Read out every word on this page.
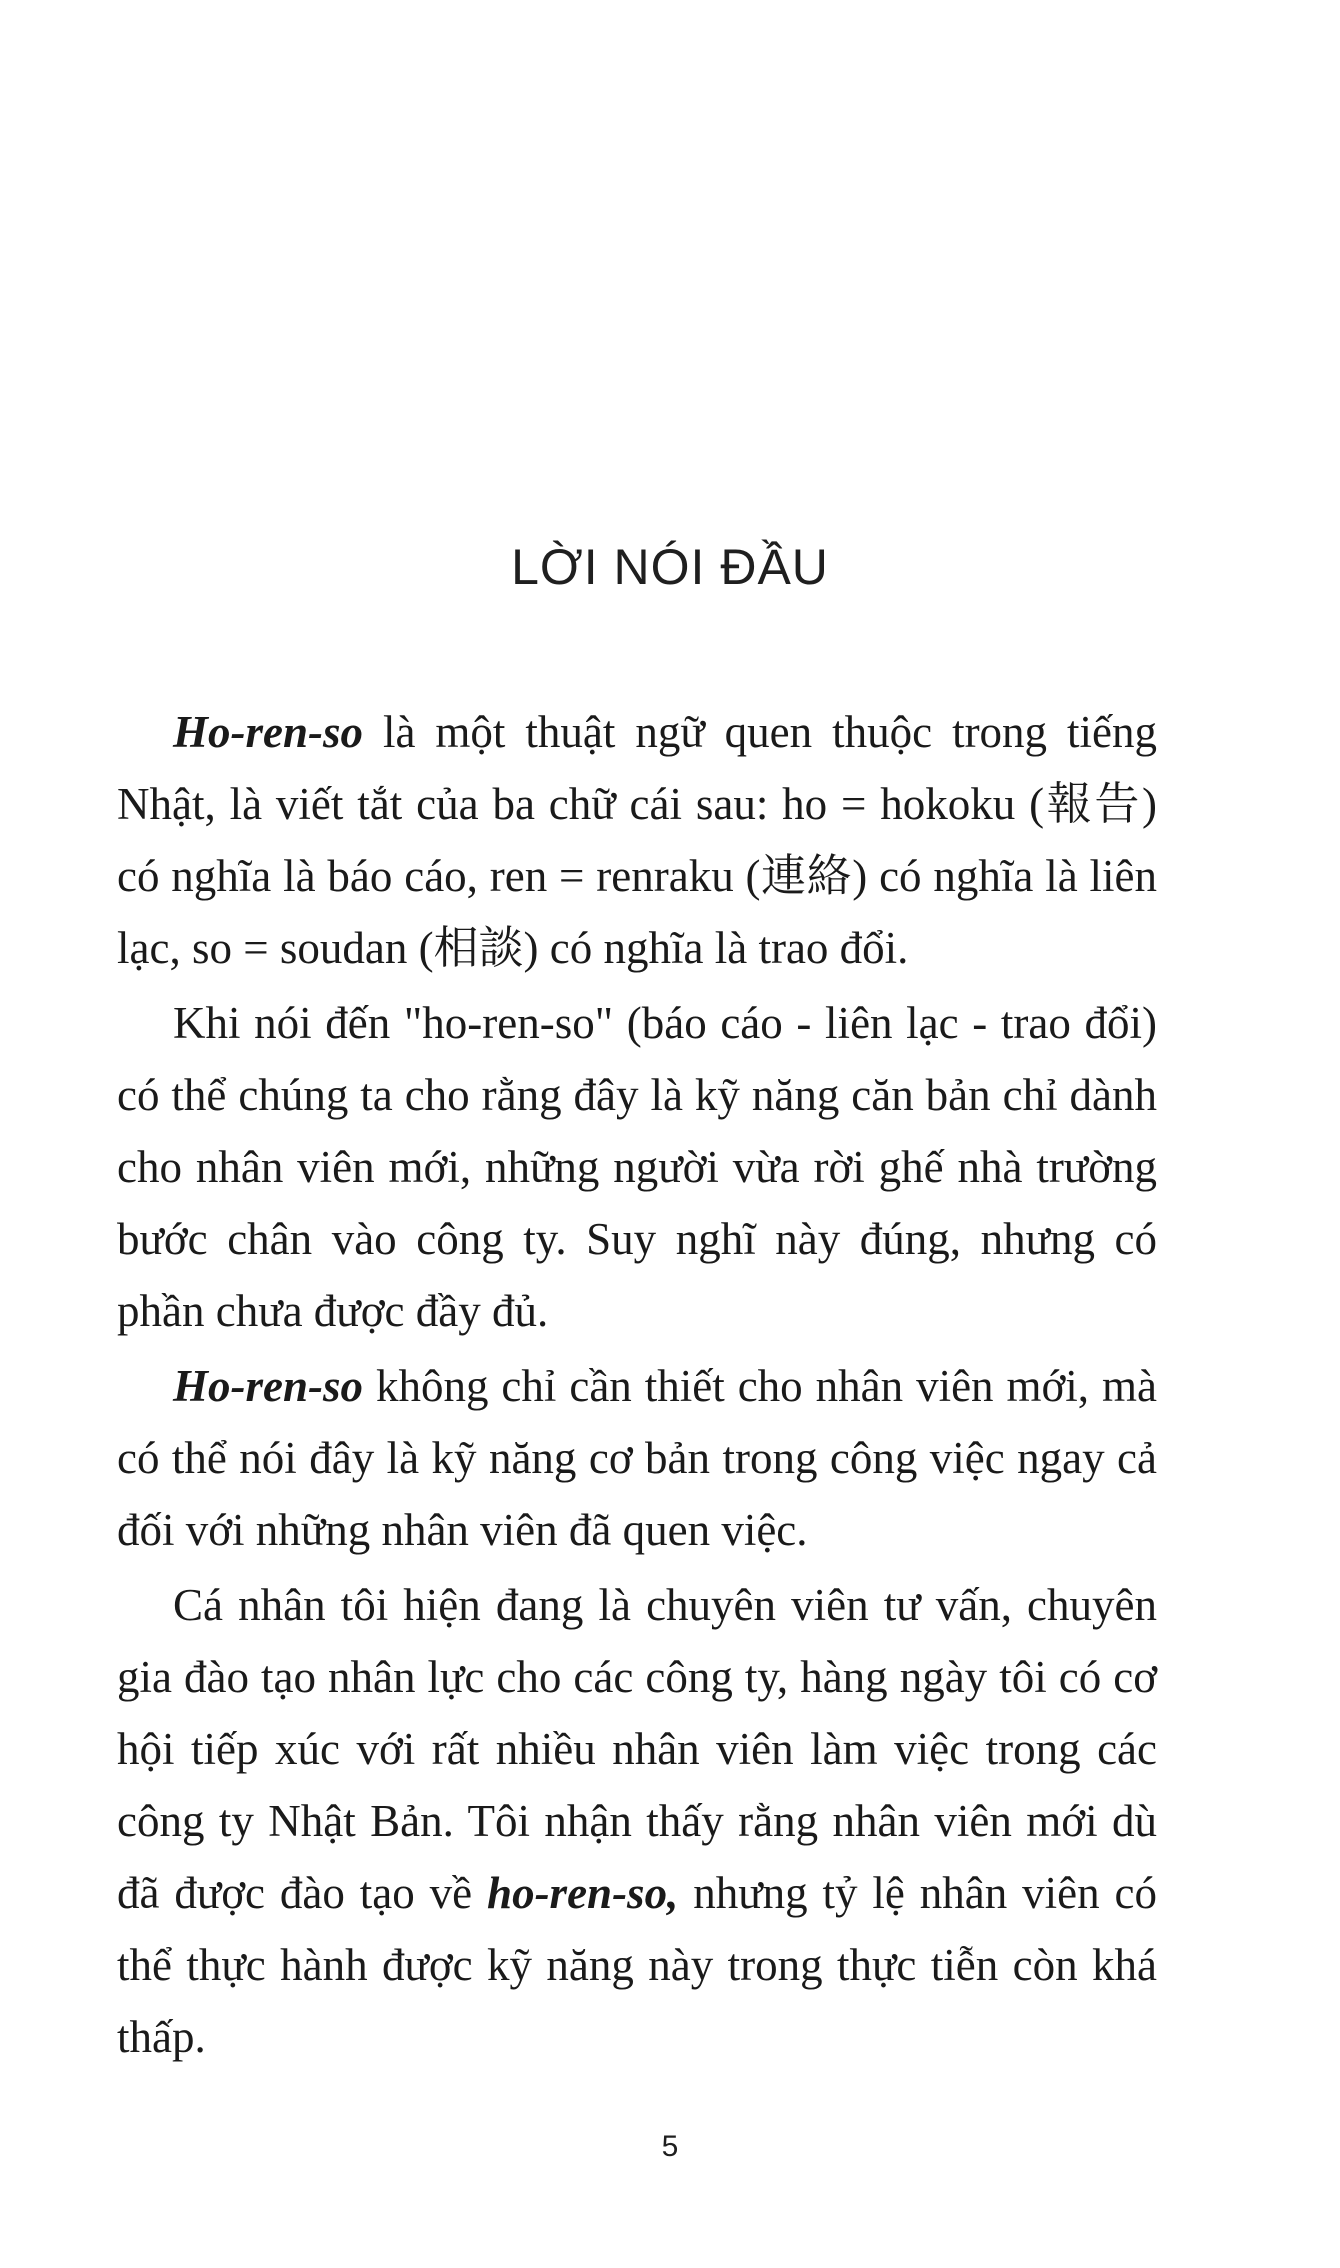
LỜI NÓI ĐẦU

Ho-ren-so là một thuật ngữ quen thuộc trong tiếng Nhật, là viết tắt của ba chữ cái sau: ho = hokoku (報告) có nghĩa là báo cáo, ren = renraku (連絡) có nghĩa là liên lạc, so = soudan (相談) có nghĩa là trao đổi.

Khi nói đến "ho-ren-so" (báo cáo - liên lạc - trao đổi) có thể chúng ta cho rằng đây là kỹ năng căn bản chỉ dành cho nhân viên mới, những người vừa rời ghế nhà trường bước chân vào công ty. Suy nghĩ này đúng, nhưng có phần chưa được đầy đủ.

Ho-ren-so không chỉ cần thiết cho nhân viên mới, mà có thể nói đây là kỹ năng cơ bản trong công việc ngay cả đối với những nhân viên đã quen việc.

Cá nhân tôi hiện đang là chuyên viên tư vấn, chuyên gia đào tạo nhân lực cho các công ty, hàng ngày tôi có cơ hội tiếp xúc với rất nhiều nhân viên làm việc trong các công ty Nhật Bản. Tôi nhận thấy rằng nhân viên mới dù đã được đào tạo về ho-ren-so, nhưng tỷ lệ nhân viên có thể thực hành được kỹ năng này trong thực tiễn còn khá thấp.

5
